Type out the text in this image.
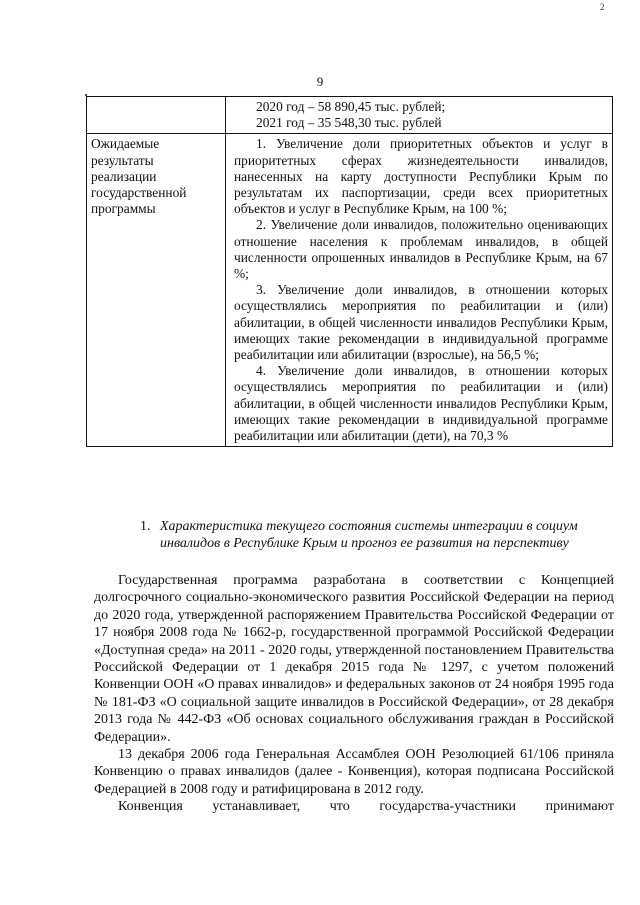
2
9

	2020 год – 58 890,45 тыс. рублей;
2021 год – 35 548,30 тыс. рублей

Ожидаемые результаты реализации государственной программы	1. Увеличение доли приоритетных объектов и услуг в приоритетных сферах жизнедеятельности инвалидов, нанесенных на карту доступности Республики Крым по результатам их паспортизации, среди всех приоритетных объектов и услуг в Республике Крым, на 100 %;
2. Увеличение доли инвалидов, положительно оценивающих отношение населения к проблемам инвалидов, в общей численности опрошенных инвалидов в Республике Крым, на 67 %;
3. Увеличение доли инвалидов, в отношении которых осуществлялись мероприятия по реабилитации и (или) абилитации, в общей численности инвалидов Республики Крым, имеющих такие рекомендации в индивидуальной программе реабилитации или абилитации (взрослые), на 56,5 %;
4. Увеличение доли инвалидов, в отношении которых осуществлялись мероприятия по реабилитации и (или) абилитации, в общей численности инвалидов Республики Крым, имеющих такие рекомендации в индивидуальной программе реабилитации или абилитации (дети), на 70,3 %
1. Характеристика текущего состояния системы интеграции в социум
инвалидов в Республике Крым и прогноз ее развития на перспективу

Государственная программа разработана в соответствии с Концепцией долгосрочного социально-экономического развития Российской Федерации на период до 2020 года, утвержденной распоряжением Правительства Российской Федерации от 17 ноября 2008 года № 1662-р, государственной программой Российской Федерации «Доступная среда» на 2011 - 2020 годы, утвержденной постановлением Правительства Российской Федерации от 1 декабря 2015 года № 1297, с учетом положений Конвенции ООН «О правах инвалидов» и федеральных законов от 24 ноября 1995 года № 181-ФЗ «О социальной защите инвалидов в Российской Федерации», от 28 декабря 2013 года № 442-ФЗ «Об основах социального обслуживания граждан в Российской Федерации».

13 декабря 2006 года Генеральная Ассамблея ООН Резолюцией 61/106 приняла Конвенцию о правах инвалидов (далее - Конвенция), которая подписана Российской Федерацией в 2008 году и ратифицирована в 2012 году.

Конвенция устанавливает, что государства-участники принимают
